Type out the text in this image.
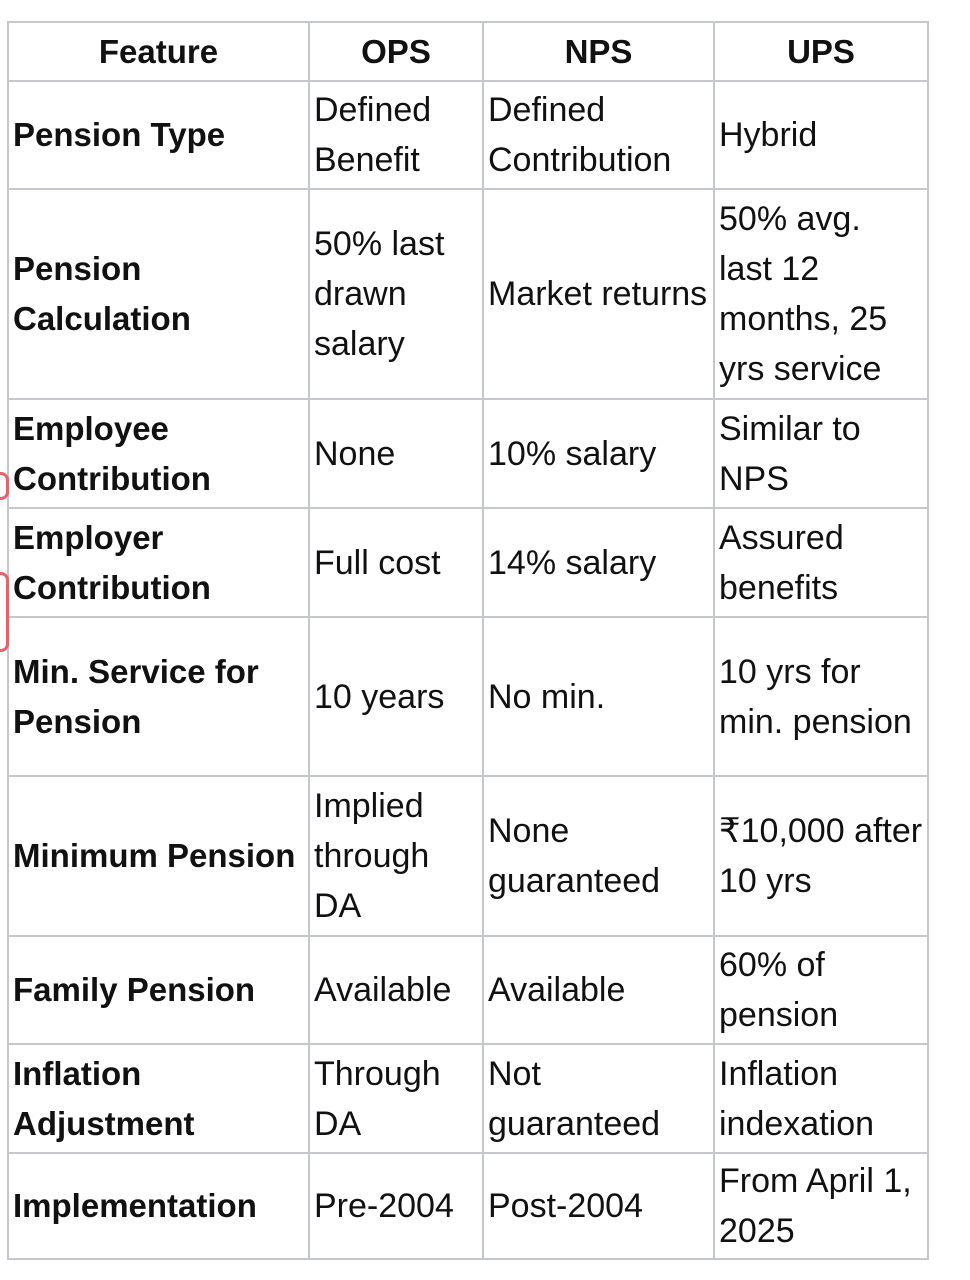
Feature	OPS	NPS	UPS
Pension Type	Defined Benefit	Defined Contribution	Hybrid
Pension Calculation	50% last drawn salary	Market returns	50% avg. last 12 months, 25 yrs service
Employee Contribution	None	10% salary	Similar to NPS
Employer Contribution	Full cost	14% salary	Assured benefits
Min. Service for Pension	10 years	No min.	10 yrs for min. pension
Minimum Pension	Implied through DA	None guaranteed	₹10,000 after 10 yrs
Family Pension	Available	Available	60% of pension
Inflation Adjustment	Through DA	Not guaranteed	Inflation indexation
Implementation	Pre-2004	Post-2004	From April 1, 2025
